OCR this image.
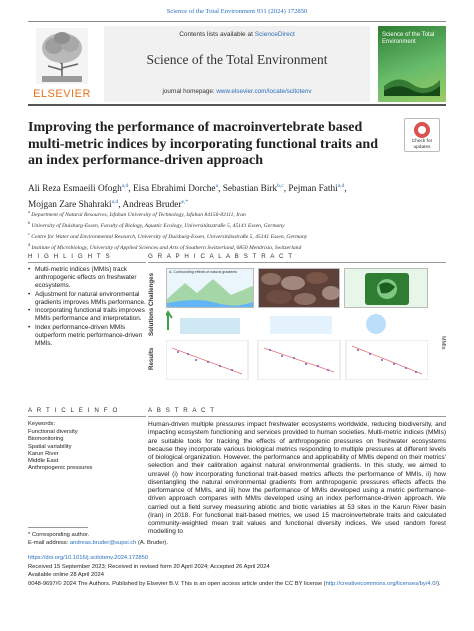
Science of the Total Environment 931 (2024) 172850
ELSEVIER
Contents lists available at ScienceDirect
Science of the Total Environment
journal homepage: www.elsevier.com/locate/scitotenv
Science of the Total Environment
Improving the performance of macroinvertebrate based multi-metric indices by incorporating functional traits and an index performance-driven approach
Check for updates
Ali Reza Esmaeili Ofogh$^{a,d}$, Eisa Ebrahimi Dorche$^a$, Sebastian Birk$^{b,c}$, Pejman Fathi$^{a,d}$,
Mojgan Zare Shahraki$^{a,d}$, Andreas Bruder$^{e,*}$
$^a$ Department of Natural Resources, Isfahan University of Technology, Isfahan 84156-83111, Iran
$^b$ University of Duisburg-Essen, Faculty of Biology, Aquatic Ecology, Universitätsstraße 5, 45141 Essen, Germany
$^c$ Centre for Water and Environmental Research, University of Duisburg-Essen, Universitätsstraße 5, 45141 Essen, Germany
$^d$ Institute of Microbiology, University of Applied Sciences and Arts of Southern Switzerland, 6850 Mendrisio, Switzerland
H I G H L I G H T S	G R A P H I C A L A B S T R A C T
• Multi-metric indices (MMIs) track anthropogenic effects on freshwater ecosystems.
• Adjustment for natural environmental gradients improves MMIs performance.
• Incorporating functional traits improves MMIs performance and interpretation.
• Index performance-driven MMIs outperform metric performance-driven MMIs.
Challenges
Solutions
Results
MMIs
A. Confounding effects of natural gradients
A R T I C L E I N F O	A B S T R A C T
Keywords:
Functional diversity
Biomonitoring
Spatial variability
Karun River
Middle East
Anthropogenic pressures
Human-driven multiple pressures impact freshwater ecosystems worldwide, reducing biodiversity, and impacting ecosystem functioning and services provided to human societies. Multi-metric indices (MMIs) are suitable tools for tracking the effects of anthropogenic pressures on freshwater ecosystems because they incorporate various biological metrics responding to multiple pressures at different levels of biological organization. However, the performance and applicability of MMIs depend on their metrics' selection and their calibration against natural environmental gradients. In this study, we aimed to unravel (i) how incorporating functional trait-based metrics affects the performance of MMIs, ii) how disentangling the natural environmental gradients from anthropogenic pressures effects affects the performance of MMIs, and iii) how the performance of MMIs developed using a metric performance-driven approach compares with MMIs developed using an index performance-driven approach. We carried out a field survey measuring abiotic and biotic variables at 53 sites in the Karun River basin (Iran) in 2018. For functional trait-based metrics, we used 15 macroinvertebrate traits and calculated community-weighted mean trait values and functional diversity indices. We used random forest modelling to
* Corresponding author.
E-mail address: andreas.bruder@supsi.ch (A. Bruder).
https://doi.org/10.1016/j.scitotenv.2024.172850
Received 15 September 2023; Received in revised form 20 April 2024; Accepted 26 April 2024
Available online 28 April 2024
0048-9697/© 2024 The Authors. Published by Elsevier B.V. This is an open access article under the CC BY license (http://creativecommons.org/licenses/by/4.0/).
